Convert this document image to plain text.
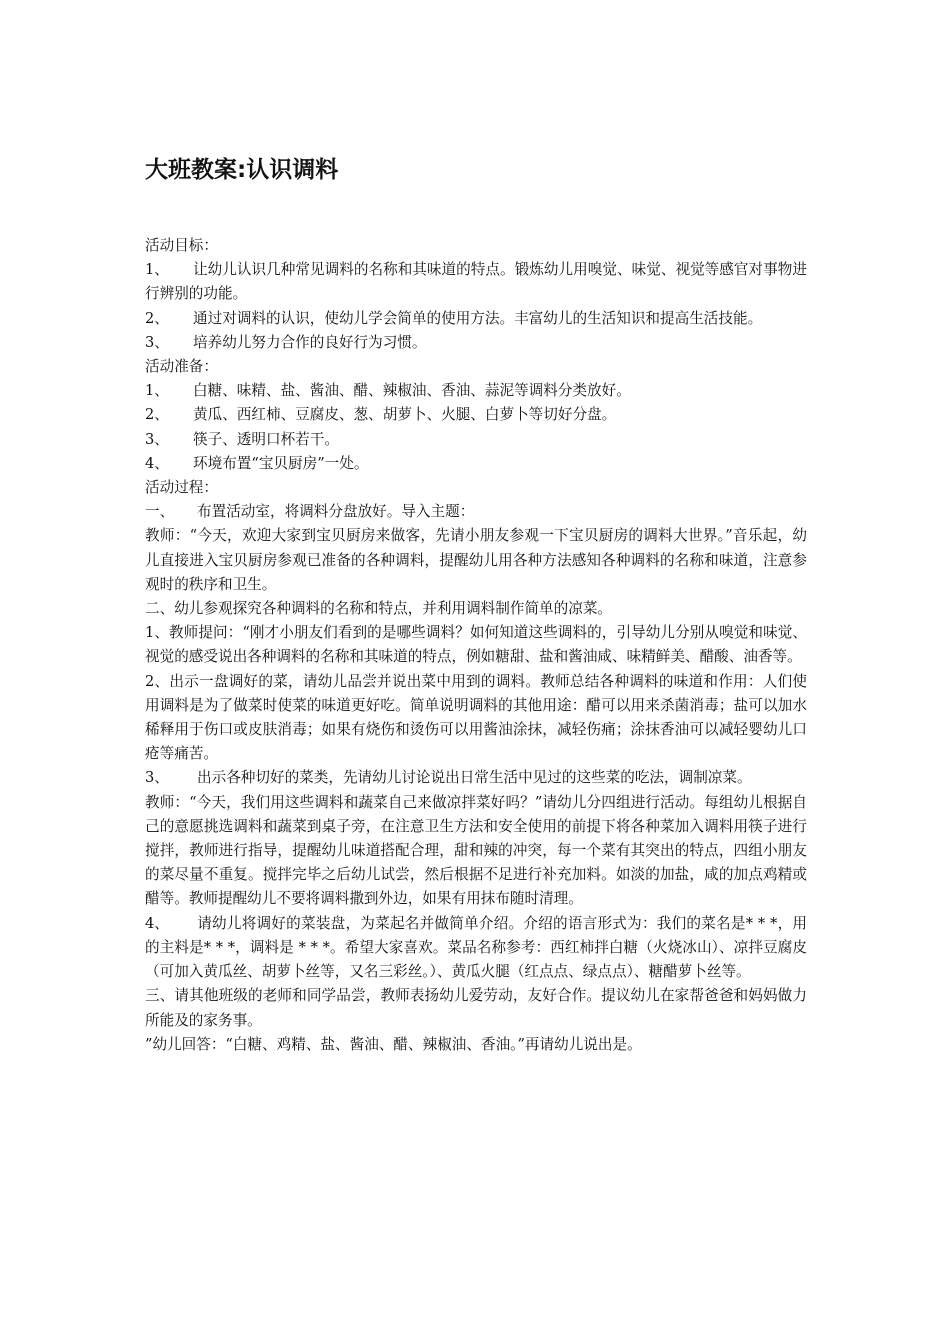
大班教案:认识调料

活动目标：

1、 让幼儿认识几种常见调料的名称和其味道的特点。锻炼幼儿用嗅觉、味觉、视觉等感官对事物进行辨别的功能。

2、 通过对调料的认识，使幼儿学会简单的使用方法。丰富幼儿的生活知识和提高生活技能。

3、 培养幼儿努力合作的良好行为习惯。

活动准备：

1、 白糖、味精、盐、酱油、醋、辣椒油、香油、蒜泥等调料分类放好。

2、 黄瓜、西红柿、豆腐皮、葱、胡萝卜、火腿、白萝卜等切好分盘。

3、 筷子、透明口杯若干。

4、 环境布置“宝贝厨房”一处。

活动过程：

一、 布置活动室，将调料分盘放好。导入主题：

教师：“今天，欢迎大家到宝贝厨房来做客，先请小朋友参观一下宝贝厨房的调料大世界。”音乐起，幼儿直接进入宝贝厨房参观已准备的各种调料，提醒幼儿用各种方法感知各种调料的名称和味道，注意参观时的秩序和卫生。

二、幼儿参观探究各种调料的名称和特点，并利用调料制作简单的凉菜。

1、教师提问：“刚才小朋友们看到的是哪些调料？如何知道这些调料的，引导幼儿分别从嗅觉和味觉、视觉的感受说出各种调料的名称和其味道的特点，例如糖甜、盐和酱油咸、味精鲜美、醋酸、油香等。

2、出示一盘调好的菜，请幼儿品尝并说出菜中用到的调料。教师总结各种调料的味道和作用：人们使用调料是为了做菜时使菜的味道更好吃。简单说明调料的其他用途：醋可以用来杀菌消毒；盐可以加水稀释用于伤口或皮肤消毒；如果有烧伤和烫伤可以用酱油涂抹，减轻伤痛；涂抹香油可以减轻婴幼儿口疮等痛苦。

3、 出示各种切好的菜类，先请幼儿讨论说出日常生活中见过的这些菜的吃法，调制凉菜。

教师：“今天，我们用这些调料和蔬菜自己来做凉拌菜好吗？”请幼儿分四组进行活动。每组幼儿根据自己的意愿挑选调料和蔬菜到桌子旁，在注意卫生方法和安全使用的前提下将各种菜加入调料用筷子进行搅拌，教师进行指导，提醒幼儿味道搭配合理，甜和辣的冲突，每一个菜有其突出的特点，四组小朋友的菜尽量不重复。搅拌完毕之后幼儿试尝，然后根据不足进行补充加料。如淡的加盐，咸的加点鸡精或醋等。教师提醒幼儿不要将调料撒到外边，如果有用抹布随时清理。

4、 请幼儿将调好的菜装盘，为菜起名并做简单介绍。介绍的语言形式为：我们的菜名是* * *，用的主料是* * *，调料是 * * *。希望大家喜欢。菜品名称参考：西红柿拌白糖（火烧冰山）、凉拌豆腐皮（可加入黄瓜丝、胡萝卜丝等，又名三彩丝。）、黄瓜火腿（红点点、绿点点）、糖醋萝卜丝等。

三、请其他班级的老师和同学品尝，教师表扬幼儿爱劳动，友好合作。提议幼儿在家帮爸爸和妈妈做力所能及的家务事。

”幼儿回答：“白糖、鸡精、盐、酱油、醋、辣椒油、香油。”再请幼儿说出是。
